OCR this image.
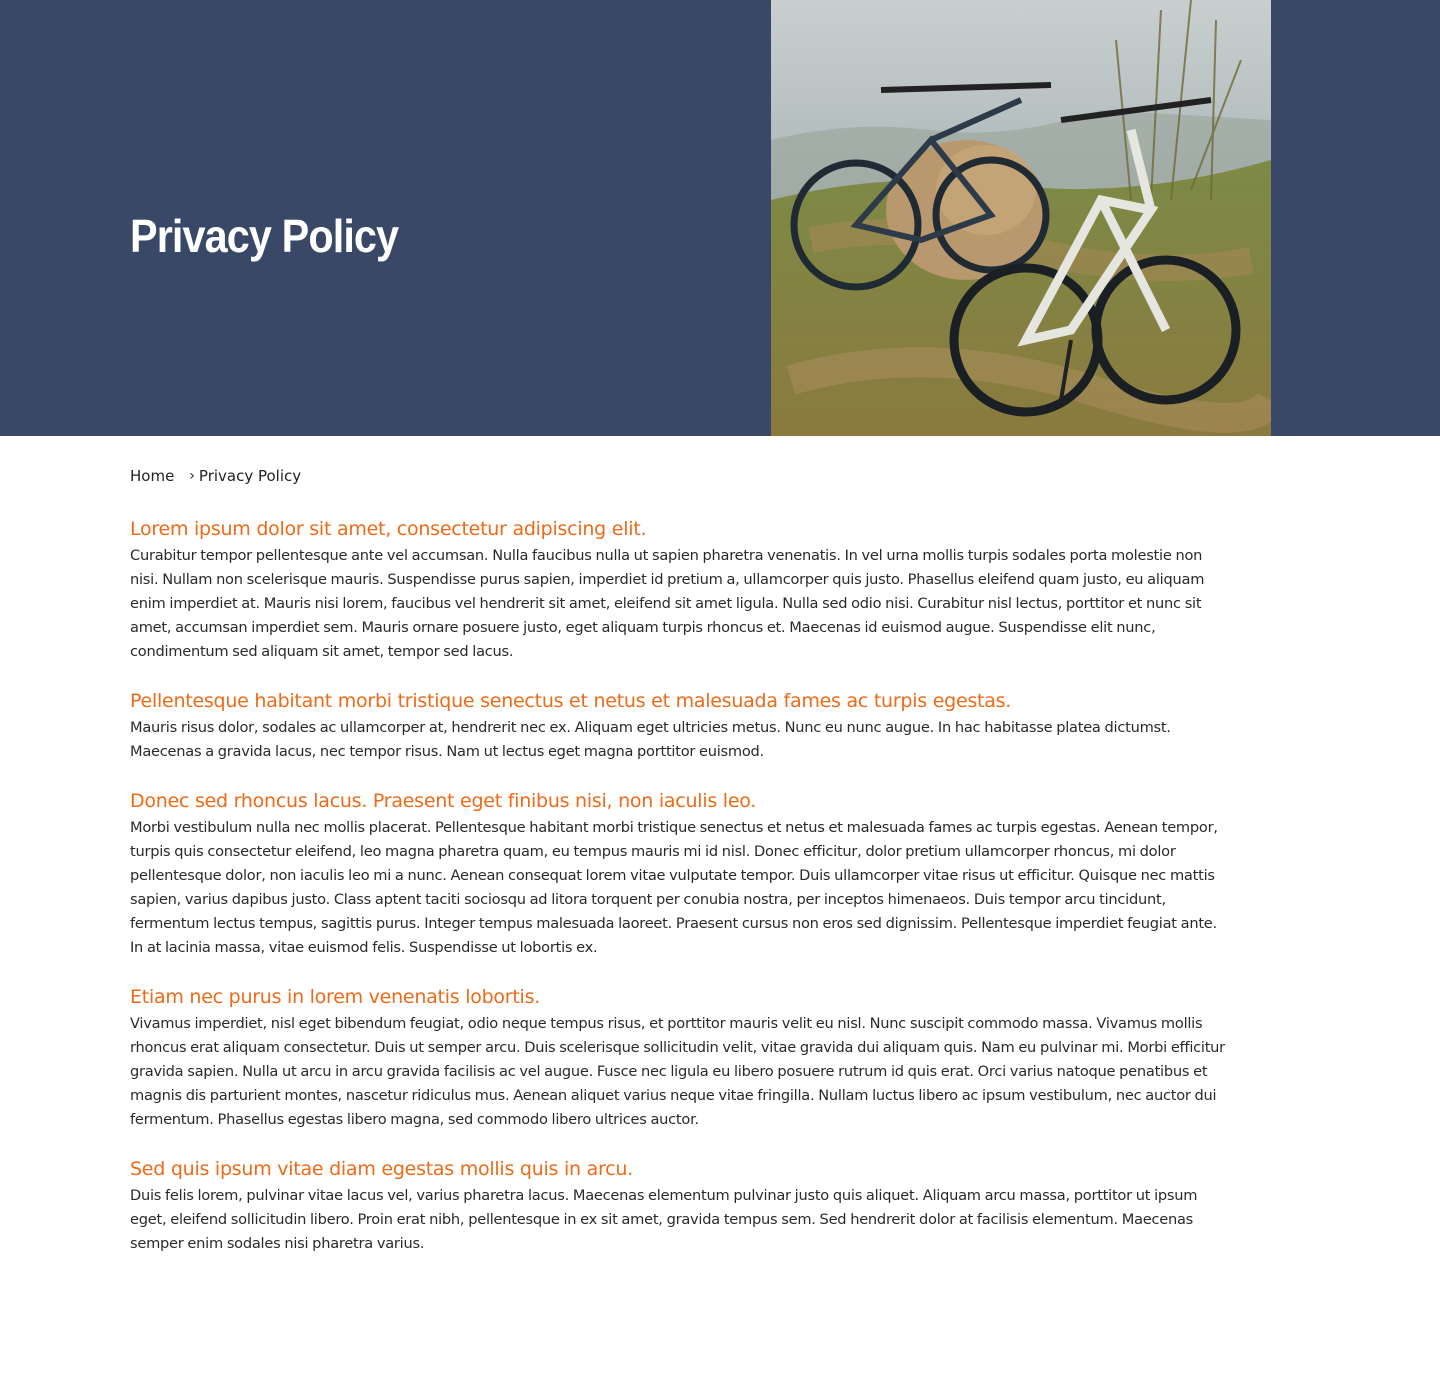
Privacy Policy
Home › Privacy Policy
Lorem ipsum dolor sit amet, consectetur adipiscing elit.

Curabitur tempor pellentesque ante vel accumsan. Nulla faucibus nulla ut sapien pharetra venenatis. In vel urna mollis turpis sodales porta molestie non nisi. Nullam non scelerisque mauris. Suspendisse purus sapien, imperdiet id pretium a, ullamcorper quis justo. Phasellus eleifend quam justo, eu aliquam enim imperdiet at. Mauris nisi lorem, faucibus vel hendrerit sit amet, eleifend sit amet ligula. Nulla sed odio nisi. Curabitur nisl lectus, porttitor et nunc sit amet, accumsan imperdiet sem. Mauris ornare posuere justo, eget aliquam turpis rhoncus et. Maecenas id euismod augue. Suspendisse elit nunc, condimentum sed aliquam sit amet, tempor sed lacus.

Pellentesque habitant morbi tristique senectus et netus et malesuada fames ac turpis egestas.

Mauris risus dolor, sodales ac ullamcorper at, hendrerit nec ex. Aliquam eget ultricies metus. Nunc eu nunc augue. In hac habitasse platea dictumst. Maecenas a gravida lacus, nec tempor risus. Nam ut lectus eget magna porttitor euismod.

Donec sed rhoncus lacus. Praesent eget finibus nisi, non iaculis leo.

Morbi vestibulum nulla nec mollis placerat. Pellentesque habitant morbi tristique senectus et netus et malesuada fames ac turpis egestas. Aenean tempor, turpis quis consectetur eleifend, leo magna pharetra quam, eu tempus mauris mi id nisl. Donec efficitur, dolor pretium ullamcorper rhoncus, mi dolor pellentesque dolor, non iaculis leo mi a nunc. Aenean consequat lorem vitae vulputate tempor. Duis ullamcorper vitae risus ut efficitur. Quisque nec mattis sapien, varius dapibus justo. Class aptent taciti sociosqu ad litora torquent per conubia nostra, per inceptos himenaeos. Duis tempor arcu tincidunt, fermentum lectus tempus, sagittis purus. Integer tempus malesuada laoreet. Praesent cursus non eros sed dignissim. Pellentesque imperdiet feugiat ante. In at lacinia massa, vitae euismod felis. Suspendisse ut lobortis ex.

Etiam nec purus in lorem venenatis lobortis.

Vivamus imperdiet, nisl eget bibendum feugiat, odio neque tempus risus, et porttitor mauris velit eu nisl. Nunc suscipit commodo massa. Vivamus mollis rhoncus erat aliquam consectetur. Duis ut semper arcu. Duis scelerisque sollicitudin velit, vitae gravida dui aliquam quis. Nam eu pulvinar mi. Morbi efficitur gravida sapien. Nulla ut arcu in arcu gravida facilisis ac vel augue. Fusce nec ligula eu libero posuere rutrum id quis erat. Orci varius natoque penatibus et magnis dis parturient montes, nascetur ridiculus mus. Aenean aliquet varius neque vitae fringilla. Nullam luctus libero ac ipsum vestibulum, nec auctor dui fermentum. Phasellus egestas libero magna, sed commodo libero ultrices auctor.

Sed quis ipsum vitae diam egestas mollis quis in arcu.

Duis felis lorem, pulvinar vitae lacus vel, varius pharetra lacus. Maecenas elementum pulvinar justo quis aliquet. Aliquam arcu massa, porttitor ut ipsum eget, eleifend sollicitudin libero. Proin erat nibh, pellentesque in ex sit amet, gravida tempus sem. Sed hendrerit dolor at facilisis elementum. Maecenas semper enim sodales nisi pharetra varius.
